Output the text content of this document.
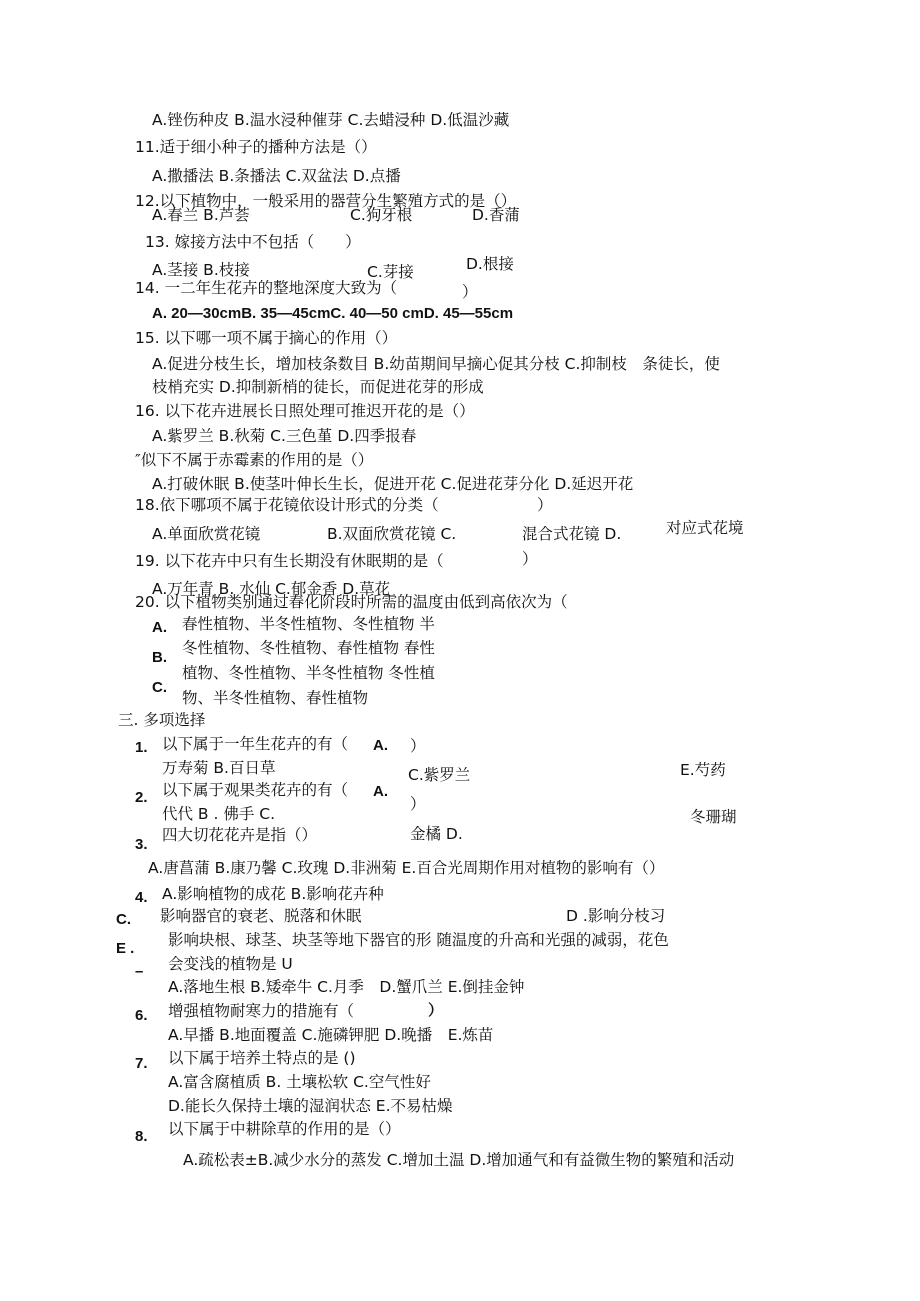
A.锉伤种皮 B.温水浸种催芽 C.去蜡浸种 D.低温沙藏
11.适于细小种子的播种方法是（）
A.撒播法 B.条播法 C.双盆法 D.点播
12.以下植物中，一般采用的器营分生繁殖方式的是（）
A.春兰 B.芦荟	C.狗牙根	D.香蒲
13. 嫁接方法中不包括（　　）
A.茎接 B.枝接	C.芽接	D.根接
14. 一二年生花卉的整地深度大致为（	）
A. 20—30cmB. 35—45cmC. 40—50 cmD. 45—55cm
15. 以下哪一项不属于摘心的作用（）
A.促进分枝生长，增加枝条数目 B.幼苗期间早摘心促其分枝 C.抑制枝　条徒长，使
枝梢充实 D.抑制新梢的徒长，而促进花芽的形成
16. 以下花卉进展长日照处理可推迟开花的是（）
A.紫罗兰 B.秋菊 C.三色堇 D.四季报春
″似下不属于赤霉素的作用的是（）
A.打破休眠 B.使茎叶伸长生长，促进开花 C.促进花芽分化 D.延迟开花
18.依下哪项不属于花镜依设计形式的分类（	）
A.单面欣赏花镜	B.双面欣赏花镜 C.	混合式花镜 D.	对应式花境
19. 以下花卉中只有生长期没有休眠期的是（	）
A.万年青 B. 水仙 C.郁金香 D.草花
20. 以下植物类别通过春化阶段时所需的温度由低到高依次为（
A. 春性植物、半冬性植物、冬性植物 半
B.
冬性植物、冬性植物、春性植物 春性
植物、冬性植物、半冬性植物 冬性植
C.
物、半冬性植物、春性植物
三. 多项选择
1. 以下属于一年生花卉的有（ A. ）
万寿菊 B.百日草	C.紫罗兰	E.芍药
2. 以下属于观果类花卉的有（ A.
）
代代 B . 佛手 C.
金橘 D.
冬珊瑚
3.
四大切花花卉是指（）
A.唐菖蒲 B.康乃馨 C.玫瑰 D.非洲菊 E.百合光周期作用对植物的影响有（）
4. A.影响植物的成花 B.影响花卉种
C. 影响器官的衰老、脱落和休眠	D .影响分枝习
E . 影响块根、球茎、块茎等地下器官的形 随温度的升高和光强的减弱，花色
– 会变浅的植物是 U
A.落地生根 B.矮牵牛 C.月季　D.蟹爪兰 E.倒挂金钟
6. 增强植物耐寒力的措施有（	）
A.早播 B.地面覆盖 C.施磷钾肥 D.晚播　E.炼苗
7. 以下属于培养土特点的是 ()
A.富含腐植质 B. 土壤松软 C.空气性好
D.能长久保持土壤的湿润状态 E.不易枯燥
8. 以下属于中耕除草的作用的是（）
A.疏松表±B.减少水分的蒸发 C.增加土温 D.增加通气和有益微生物的繁殖和活动
